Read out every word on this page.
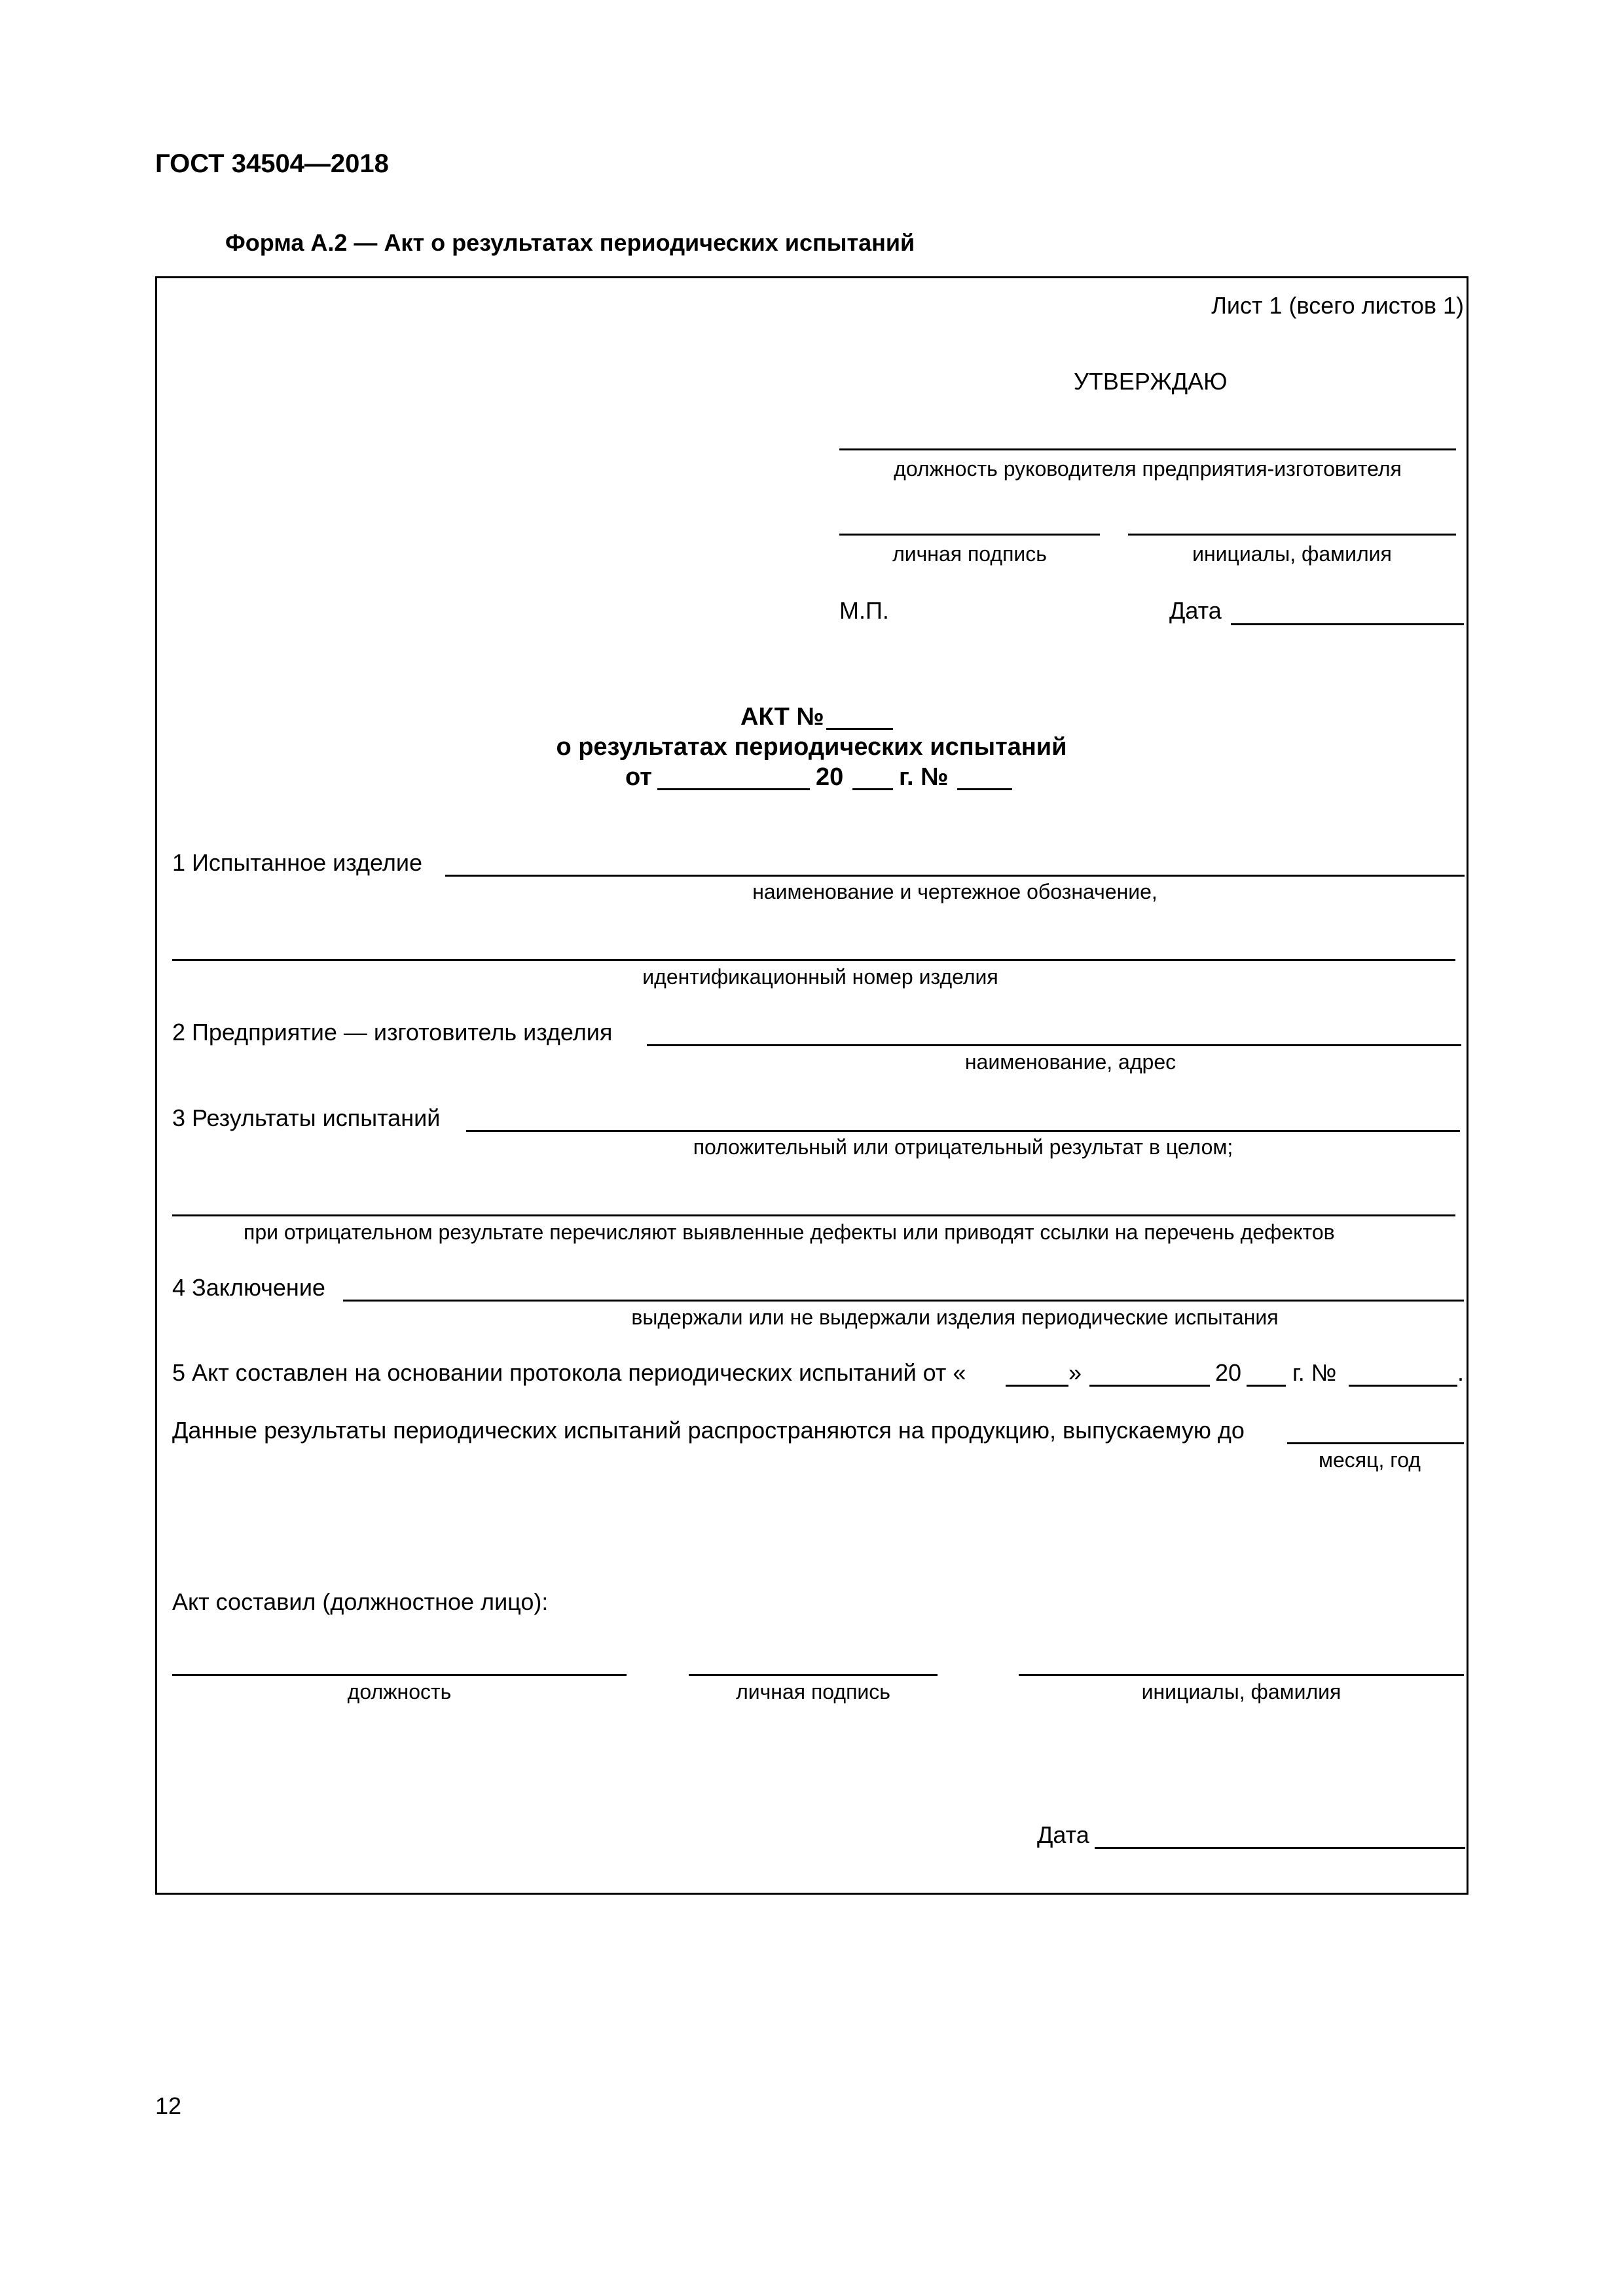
ГОСТ 34504—2018
Форма А.2 — Акт о результатах периодических испытаний
Лист 1 (всего листов 1)
УТВЕРЖДАЮ
должность руководителя предприятия-изготовителя
личная подпись	инициалы, фамилия
М.П.	Дата
АКТ №
о результатах периодических испытаний
от	20 г. №
1 Испытанное изделие
наименование и чертежное обозначение,
идентификационный номер изделия
2 Предприятие — изготовитель изделия
наименование, адрес
3 Результаты испытаний
положительный или отрицательный результат в целом;
при отрицательном результате перечисляют выявленные дефекты или приводят ссылки на перечень дефектов
4 Заключение
выдержали или не выдержали изделия периодические испытания
5 Акт составлен на основании протокола периодических испытаний от «	»	20 г. №	.
Данные результаты периодических испытаний распространяются на продукцию, выпускаемую до
месяц, год
Акт составил (должностное лицо):
должность	личная подпись	инициалы, фамилия
Дата
12
